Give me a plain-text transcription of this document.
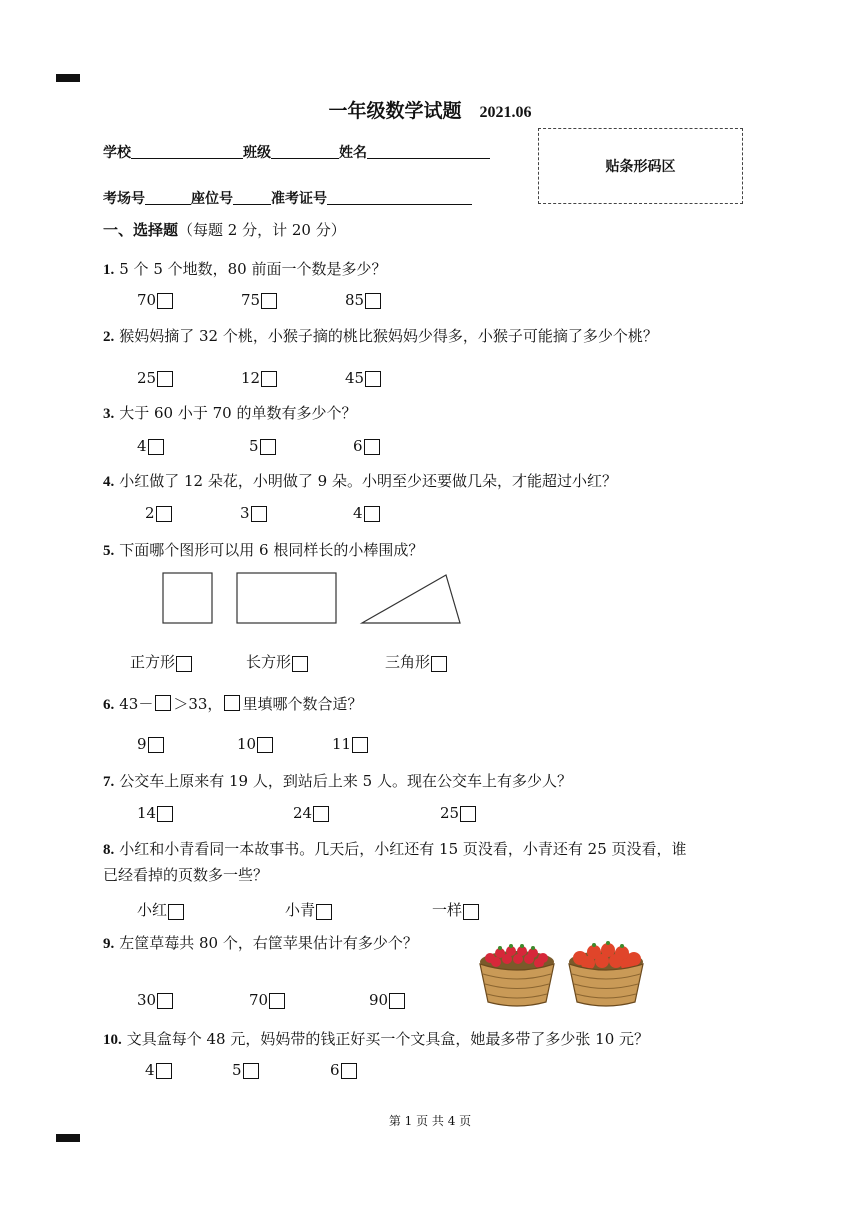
一年级数学试题 2021.06
学校	班级	姓名
考场号	座位号	准考证号
贴条形码区
一、选择题（每题 2 分，计 20 分）
1. 5 个 5 个地数，80 前面一个数是多少？
70	75	85
2. 猴妈妈摘了 32 个桃，小猴子摘的桃比猴妈妈少得多，小猴子可能摘了多少个桃？
25	12	45
3. 大于 60 小于 70 的单数有多少个？
4	5	6
4. 小红做了 12 朵花，小明做了 9 朵。小明至少还要做几朵，才能超过小红？
2	3	4
5. 下面哪个图形可以用 6 根同样长的小棒围成？
正方形	长方形	三角形
6. 43－ ＞33， 里填哪个数合适？
9	10	11
7. 公交车上原来有 19 人，到站后上来 5 人。现在公交车上有多少人？
14	24	25
8. 小红和小青看同一本故事书。几天后，小红还有 15 页没看，小青还有 25 页没看，谁
已经看掉的页数多一些？
小红	小青	一样
9. 左筐草莓共 80 个，右筐苹果估计有多少个？
30	70	90
10. 文具盒每个 48 元，妈妈带的钱正好买一个文具盒，她最多带了多少张 10 元？
4	5	6
第 1 页 共 4 页
